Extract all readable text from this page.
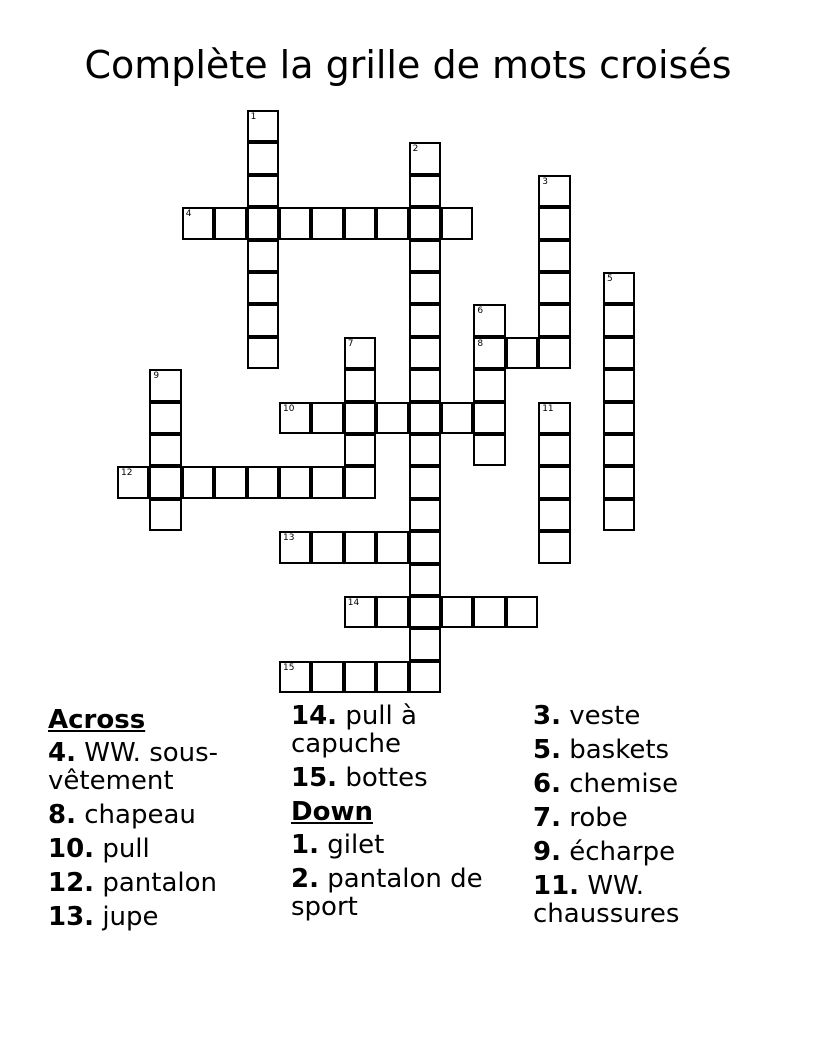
Complète la grille de mots croisés
1
2
3
4
5
6
8
7
9
10	11
12
13
14
15
Across
4. WW. sous-vêtement
8. chapeau
10. pull
12. pantalon
13. jupe
14. pull à capuche
15. bottes
Down
1. gilet
2. pantalon de sport
3. veste
5. baskets
6. chemise
7. robe
9. écharpe
11. WW. chaussures
